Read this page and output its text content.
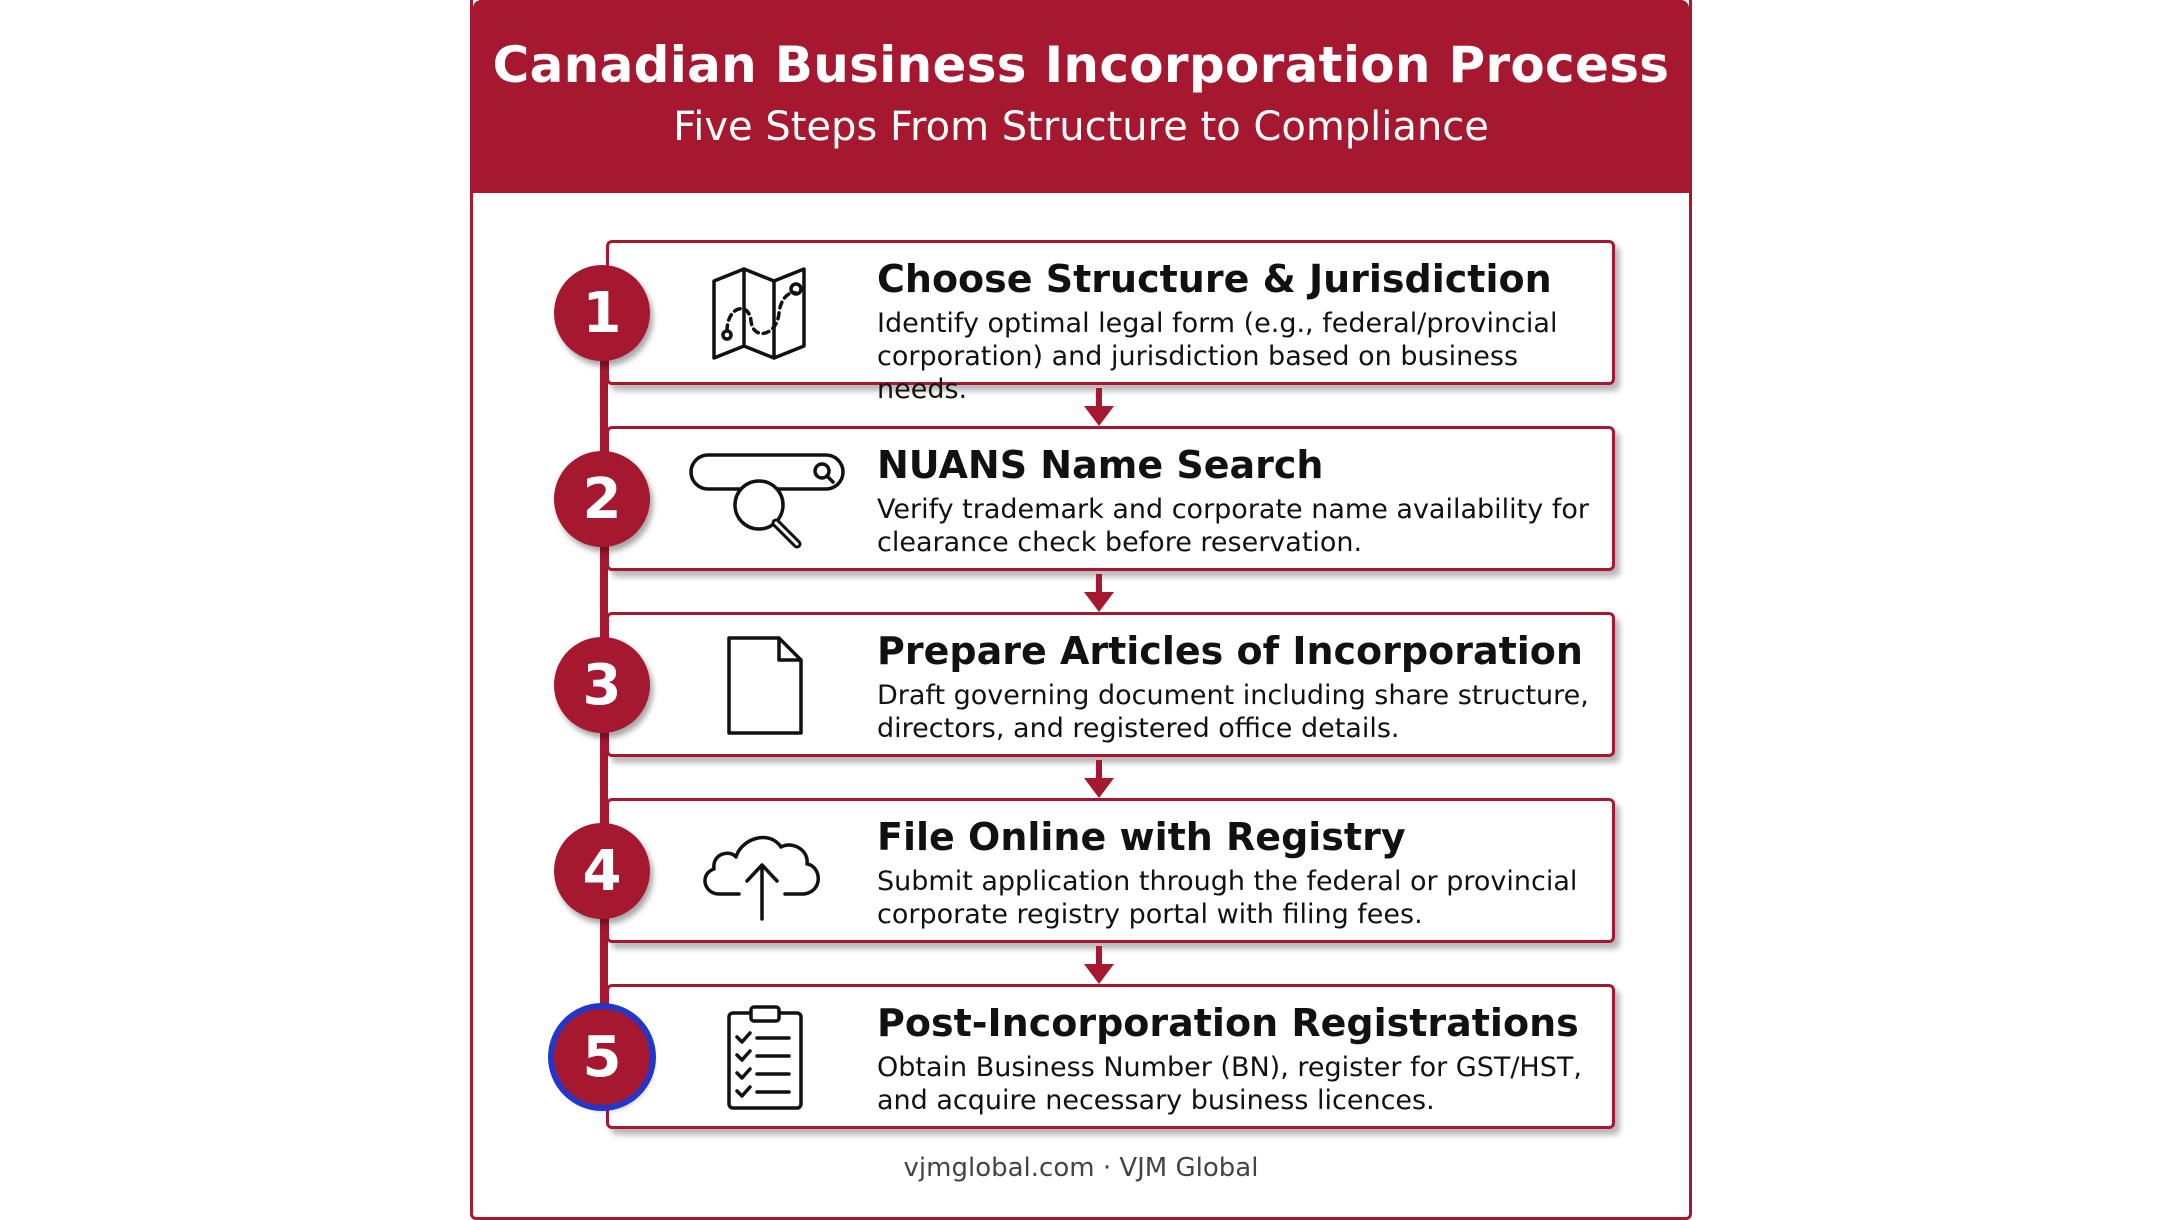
Canadian Business Incorporation Process
Five Steps From Structure to Compliance
Choose Structure & Jurisdiction
Identify optimal legal form (e.g., federal/provincial corporation) and jurisdiction based on business needs.
1
NUANS Name Search
Verify trademark and corporate name availability for clearance check before reservation.
2
Prepare Articles of Incorporation
Draft governing document including share structure, directors, and registered office details.
3
File Online with Registry
Submit application through the federal or provincial corporate registry portal with filing fees.
4
Post-Incorporation Registrations
Obtain Business Number (BN), register for GST/HST, and acquire necessary business licences.
5
vjmglobal.com · VJM Global
